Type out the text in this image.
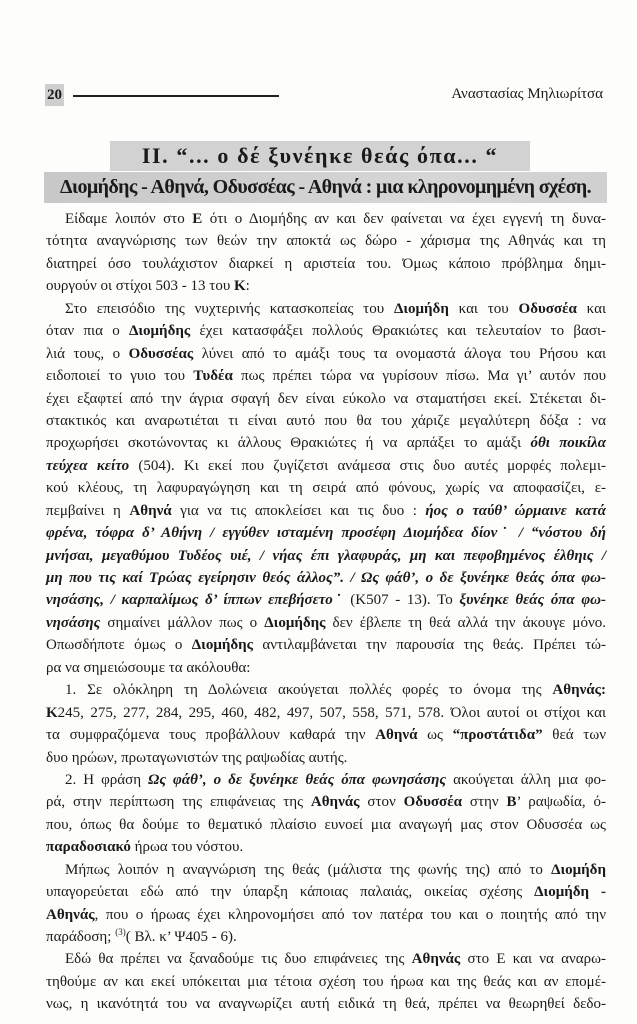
20	Αναστασίας Μηλιωρίτσα
II. “... ο δέ ξυνέηκε θεάς όπα... “
Διομήδης - Αθηνά, Οδυσσέας - Αθηνά : μια κληρονομημένη σχέση.
Είδαμε λοιπόν στο Ε ότι ο Διομήδης αν και δεν φαίνεται να έχει εγγενή τη δυνα-
τότητα αναγνώρισης των θεών την αποκτά ως δώρο - χάρισμα της Αθηνάς και τη
διατηρεί όσο τουλάχιστον διαρκεί η αριστεία του. Όμως κάποιο πρόβλημα δημι-
ουργούν οι στίχοι 503 - 13 του Κ:
Στο επεισόδιο της νυχτερινής κατασκοπείας του Διομήδη και του Οδυσσέα και
όταν πια ο Διομήδης έχει κατασφάξει πολλούς Θρακιώτες και τελευταίον το βασι-
λιά τους, ο Οδυσσέας λύνει από το αμάξι τους τα ονομαστά άλογα του Ρήσου και
ειδοποιεί το γυιο του Τυδέα πως πρέπει τώρα να γυρίσουν πίσω. Μα γι’ αυτόν που
έχει εξαφτεί από την άγρια σφαγή δεν είναι εύκολο να σταματήσει εκεί. Στέκεται δι-
στακτικός και αναρωτιέται τι είναι αυτό που θα του χάριζε μεγαλύτερη δόξα : να
προχωρήσει σκοτώνοντας κι άλλους Θρακιώτες ή να αρπάξει το αμάξι όθι ποικίλα
τεύχεα κείτο (504). Κι εκεί που ζυγίζετσι ανάμεσα στις δυο αυτές μορφές πολεμι-
κού κλέους, τη λαφυραγώγηση και τη σειρά από φόνους, χωρίς να αποφασίζει, ε-
πεμβαίνει η Αθηνά για να τις αποκλείσει και τις δυο : ήος ο ταύθ’ ώρμαινε κατά
φρένα, τόφρα δ’ Αθήνη / εγγύθεν ισταμένη προσέφη Διομήδεα δίον˙ / “νόστου δή
μνήσαι, μεγαθύμου Τυδέος υιέ, / νήας έπι γλαφυράς, μη και πεφοβημένος έλθηις /
μη που τις καί Τρώας εγείρησιν θεός άλλος”. / Ως φάθ’, ο δε ξυνέηκε θεάς όπα φω-
νησάσης, / καρπαλίμως δ’ ίππων επεβήσετο˙ (Κ507 - 13). Το ξυνέηκε θεάς όπα φω-
νησάσης σημαίνει μάλλον πως ο Διομήδης δεν έβλεπε τη θεά αλλά την άκουγε μόνο.
Οπωσδήποτε όμως ο Διομήδης αντιλαμβάνεται την παρουσία της θεάς. Πρέπει τώ-
ρα να σημειώσουμε τα ακόλουθα:
1. Σε ολόκληρη τη Δολώνεια ακούγεται πολλές φορές το όνομα της Αθηνάς:
Κ245, 275, 277, 284, 295, 460, 482, 497, 507, 558, 571, 578. Όλοι αυτοί οι στίχοι και
τα συμφραζόμενα τους προβάλλουν καθαρά την Αθηνά ως “προστάτιδα” θεά των
δυο ηρώων, πρωταγωνιστών της ραψωδίας αυτής.
2. Η φράση Ως φάθ’, ο δε ξυνέηκε θεάς όπα φωνησάσης ακούγεται άλλη μια φο-
ρά, στην περίπτωση της επιφάνειας της Αθηνάς στον Οδυσσέα στην Β’ ραψωδία, ό-
που, όπως θα δούμε το θεματικό πλαίσιο ευνοεί μια αναγωγή μας στον Οδυσσέα ως
παραδοσιακό ήρωα του νόστου.
Μήπως λοιπόν η αναγνώριση της θεάς (μάλιστα της φωνής της) από το Διομήδη
υπαγορεύεται εδώ από την ύπαρξη κάποιας παλαιάς, οικείας σχέσης Διομήδη -
Αθηνάς, που ο ήρωας έχει κληρονομήσει από τον πατέρα του και ο ποιητής από την
παράδοση; $^{(3)}$( Βλ. κ’ Ψ405 - 6).
Εδώ θα πρέπει να ξαναδούμε τις δυο επιφάνειες της Αθηνάς στο Ε και να αναρω-
τηθούμε αν και εκεί υπόκειται μια τέτοια σχέση του ήρωα και της θεάς και αν επομέ-
νως, η ικανότητά του να αναγνωρίζει αυτή ειδικά τη θεά, πρέπει να θεωρηθεί δεδο-
